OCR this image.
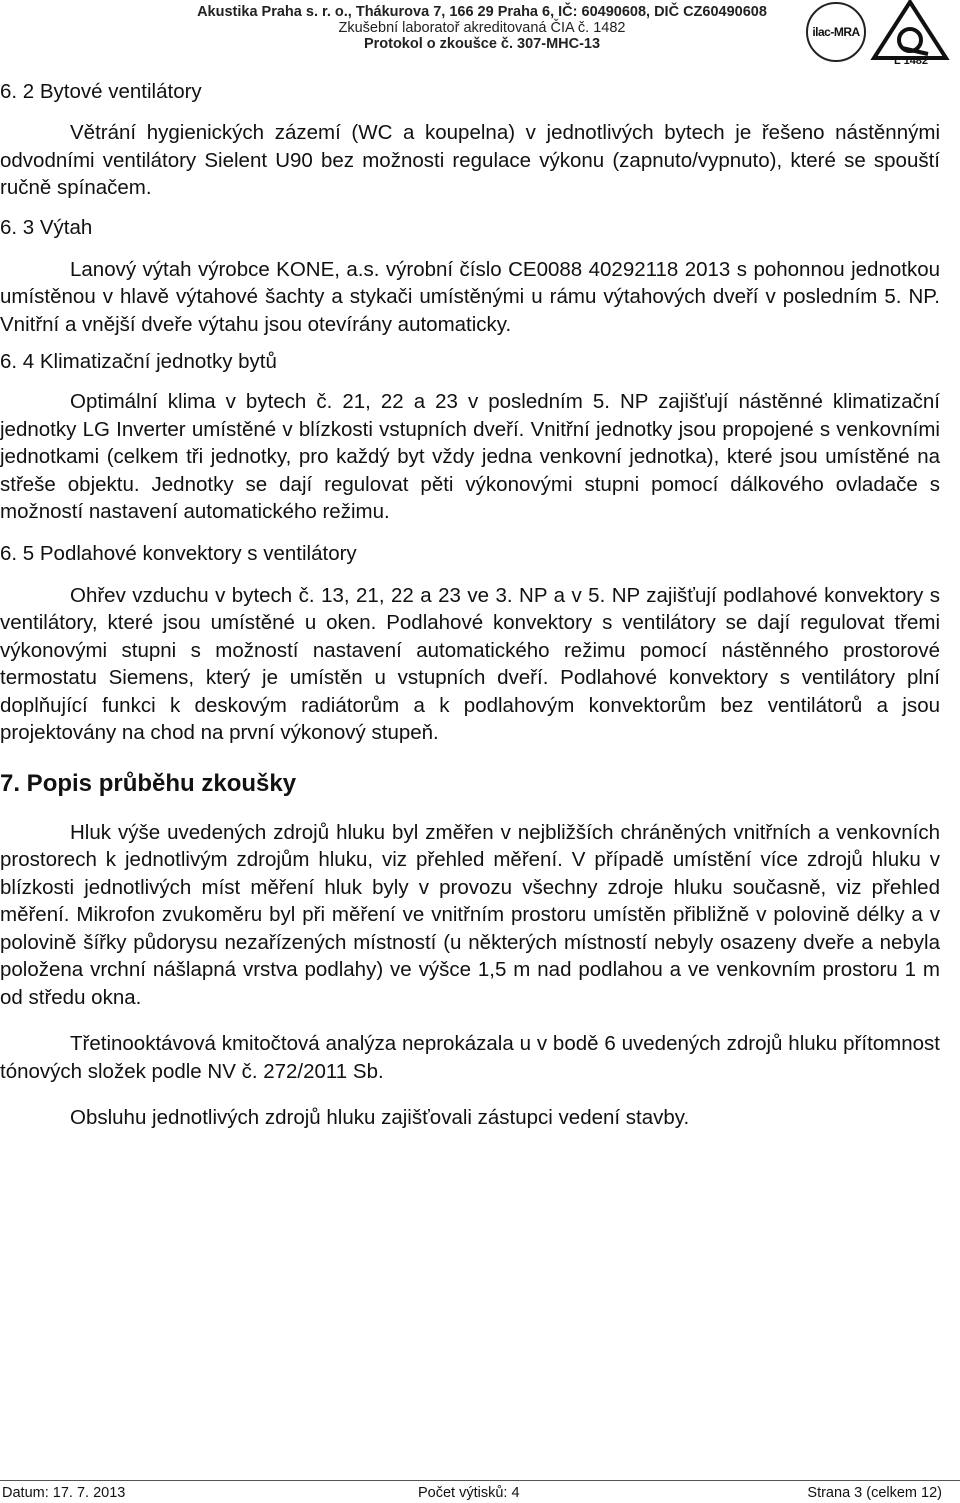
Akustika Praha s. r. o., Thákurova 7, 166 29 Praha 6, IČ: 60490608, DIČ CZ60490608
Zkušební laboratoř akreditovaná ČIA č. 1482
Protokol o zkoušce č. 307-MHC-13
ilac-MRA
L 1482
6. 2 Bytové ventilátory

Větrání hygienických zázemí (WC a koupelna) v jednotlivých bytech je řešeno nástěnnými odvodními ventilátory Sielent U90 bez možnosti regulace výkonu (zapnuto/vypnuto), které se spouští ručně spínačem.

6. 3 Výtah

Lanový výtah výrobce KONE, a.s. výrobní číslo CE0088 40292118 2013 s pohonnou jednotkou umístěnou v hlavě výtahové šachty a stykači umístěnými u rámu výtahových dveří v posledním 5. NP. Vnitřní a vnější dveře výtahu jsou otevírány automaticky.

6. 4 Klimatizační jednotky bytů

Optimální klima v bytech č. 21, 22 a 23 v posledním 5. NP zajišťují nástěnné klimatizační jednotky LG Inverter umístěné v blízkosti vstupních dveří. Vnitřní jednotky jsou propojené s venkovními jednotkami (celkem tři jednotky, pro každý byt vždy jedna venkovní jednotka), které jsou umístěné na střeše objektu. Jednotky se dají regulovat pěti výkonovými stupni pomocí dálkového ovladače s možností nastavení automatického režimu.

6. 5 Podlahové konvektory s ventilátory

Ohřev vzduchu v bytech č. 13, 21, 22 a 23 ve 3. NP a v 5. NP zajišťují podlahové konvektory s ventilátory, které jsou umístěné u oken. Podlahové konvektory s ventilátory se dají regulovat třemi výkonovými stupni s možností nastavení automatického režimu pomocí nástěnného prostorové termostatu Siemens, který je umístěn u vstupních dveří. Podlahové konvektory s ventilátory plní doplňující funkci k deskovým radiátorům a k podlahovým konvektorům bez ventilátorů a jsou projektovány na chod na první výkonový stupeň.

7. Popis průběhu zkoušky

Hluk výše uvedených zdrojů hluku byl změřen v nejbližších chráněných vnitřních a venkovních prostorech k jednotlivým zdrojům hluku, viz přehled měření. V případě umístění více zdrojů hluku v blízkosti jednotlivých míst měření hluk byly v provozu všechny zdroje hluku současně, viz přehled měření. Mikrofon zvukoměru byl při měření ve vnitřním prostoru umístěn přibližně v polovině délky a v polovině šířky půdorysu nezařízených místností (u některých místností nebyly osazeny dveře a nebyla položena vrchní nášlapná vrstva podlahy) ve výšce 1,5 m nad podlahou a ve venkovním prostoru 1 m od středu okna.

Třetinooktávová kmitočtová analýza neprokázala u v bodě 6 uvedených zdrojů hluku přítomnost tónových složek podle NV č. 272/2011 Sb.

Obsluhu jednotlivých zdrojů hluku zajišťovali zástupci vedení stavby.

Datum: 17. 7. 2013	Počet výtisků: 4	Strana 3 (celkem 12)
